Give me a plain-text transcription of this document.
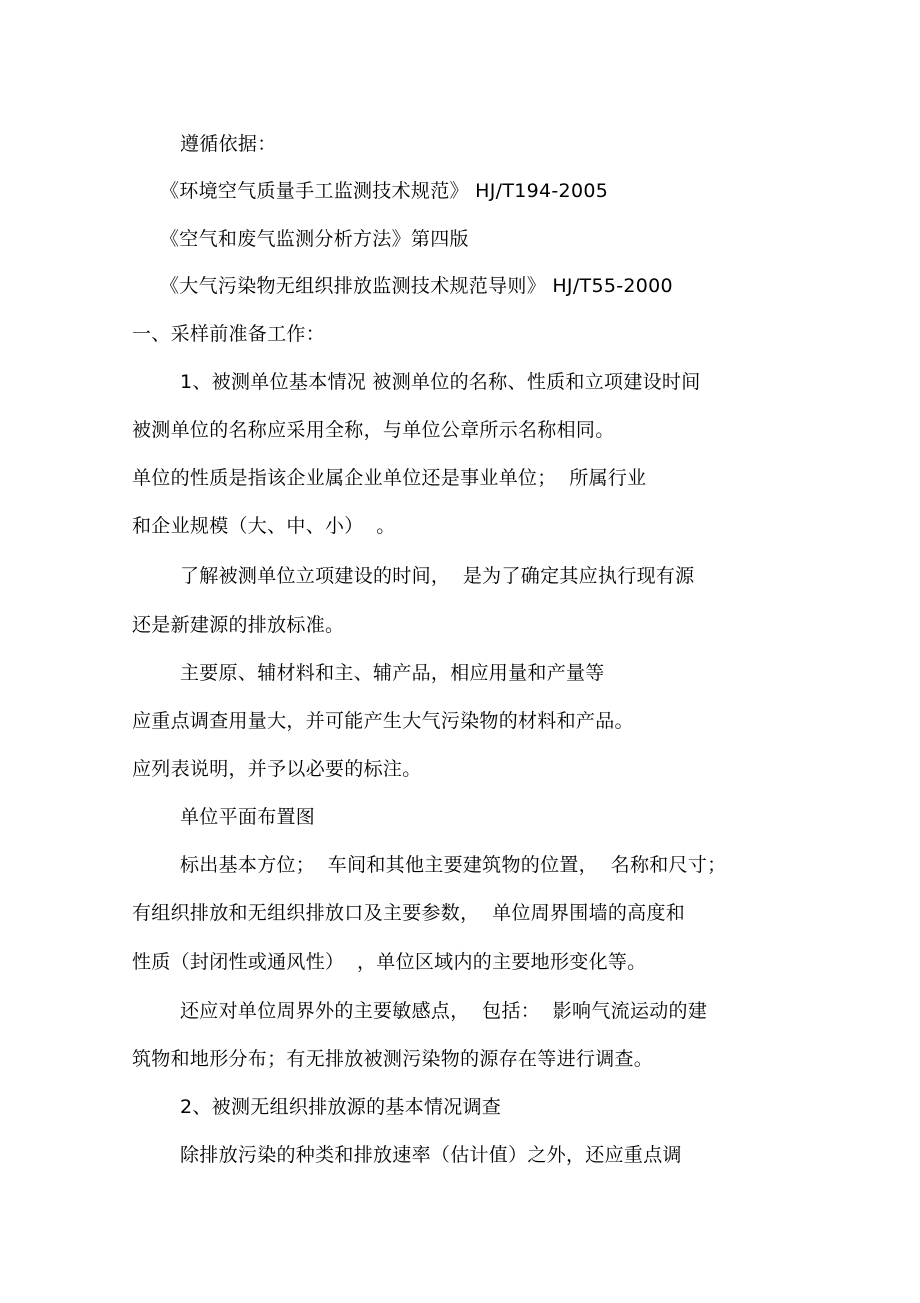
遵循依据：
《环境空气质量手工监测技术规范》 HJ/T194-2005
《空气和废气监测分析方法》第四版
《大气污染物无组织排放监测技术规范导则》 HJ/T55-2000
一、采样前准备工作：
1、被测单位基本情况 被测单位的名称、性质和立项建设时间
被测单位的名称应采用全称，与单位公章所示名称相同。
单位的性质是指该企业属企业单位还是事业单位；  所属行业
和企业规模（大、中、小）  。
了解被测单位立项建设的时间，  是为了确定其应执行现有源
还是新建源的排放标准。
主要原、辅材料和主、辅产品，相应用量和产量等
应重点调查用量大，并可能产生大气污染物的材料和产品。
应列表说明，并予以必要的标注。
单位平面布置图
标出基本方位；  车间和其他主要建筑物的位置，  名称和尺寸；
有组织排放和无组织排放口及主要参数，  单位周界围墙的高度和
性质（封闭性或通风性）  ，单位区域内的主要地形变化等。
还应对单位周界外的主要敏感点，  包括：  影响气流运动的建
筑物和地形分布；有无排放被测污染物的源存在等进行调查。
2、被测无组织排放源的基本情况调查
除排放污染的种类和排放速率（估计值）之外，还应重点调
